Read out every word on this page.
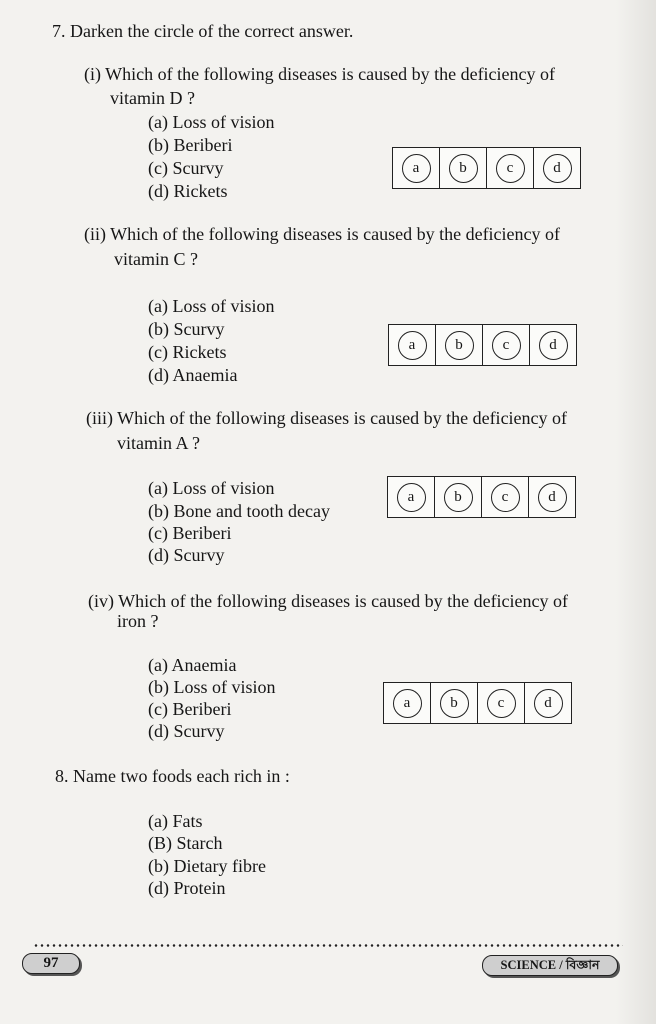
7. Darken the circle of the correct answer.
(i) Which of the following diseases is caused by the deficiency of
vitamin D ?
(a) Loss of vision
(b) Beriberi
(c) Scurvy
(d) Rickets
a	b	c	d
(ii) Which of the following diseases is caused by the deficiency of
vitamin C ?
(a) Loss of vision
(b) Scurvy
(c) Rickets
(d) Anaemia
a	b	c	d
(iii) Which of the following diseases is caused by the deficiency of
vitamin A ?
(a) Loss of vision
(b) Bone and tooth decay
(c) Beriberi
(d) Scurvy
a	b	c	d
(iv) Which of the following diseases is caused by the deficiency of
iron ?
(a) Anaemia
(b) Loss of vision
(c) Beriberi
(d) Scurvy
a	b	c	d
8. Name two foods each rich in :
(a) Fats
(B) Starch
(b) Dietary fibre
(d) Protein
97	SCIENCE / বিজ্ঞান
